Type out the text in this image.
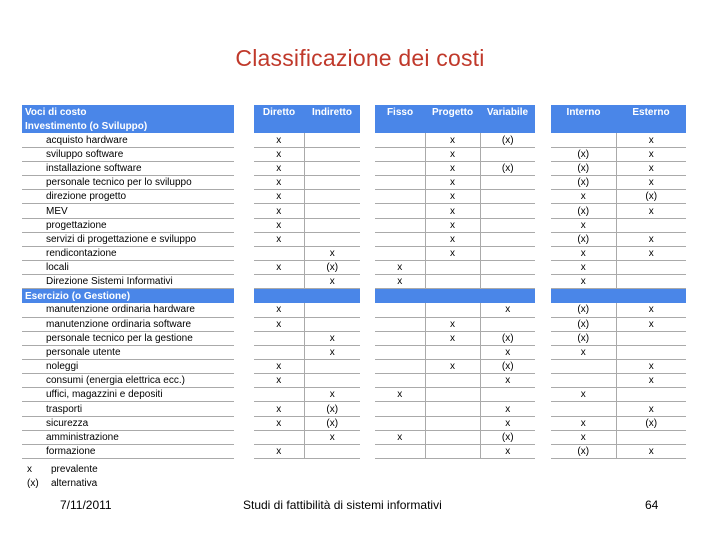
Classificazione dei costi
Voci di costo		Diretto	Indiretto		Fisso	Progetto	Variabile		Interno	Esterno
Investimento (o Sviluppo)										
acquisto hardware		x				x	(x)			x
sviluppo software		x				x			(x)	x
installazione software		x				x	(x)		(x)	x
personale tecnico per lo sviluppo		x				x			(x)	x
direzione progetto		x				x			x	(x)
MEV		x				x			(x)	x
progettazione		x				x			x	
servizi di progettazione e sviluppo		x				x			(x)	x
rendicontazione			x			x			x	x
locali		x	(x)		x				x	
Direzione Sistemi Informativi			x		x				x	
Esercizio (o Gestione)										
manutenzione ordinaria hardware		x					x		(x)	x
manutenzione ordinaria software		x				x			(x)	x
personale tecnico per la gestione			x			x	(x)		(x)	
personale utente			x				x		x	
noleggi		x				x	(x)			x
consumi (energia elettrica ecc.)		x					x			x
uffici, magazzini e depositi			x		x				x	
trasporti		x	(x)				x			x
sicurezza		x	(x)				x		x	(x)
amministrazione			x		x		(x)		x	
formazione		x					x		(x)	x
x	prevalente
(x)	alternativa
7/11/2011	Studi di fattibilità di sistemi informativi	64
